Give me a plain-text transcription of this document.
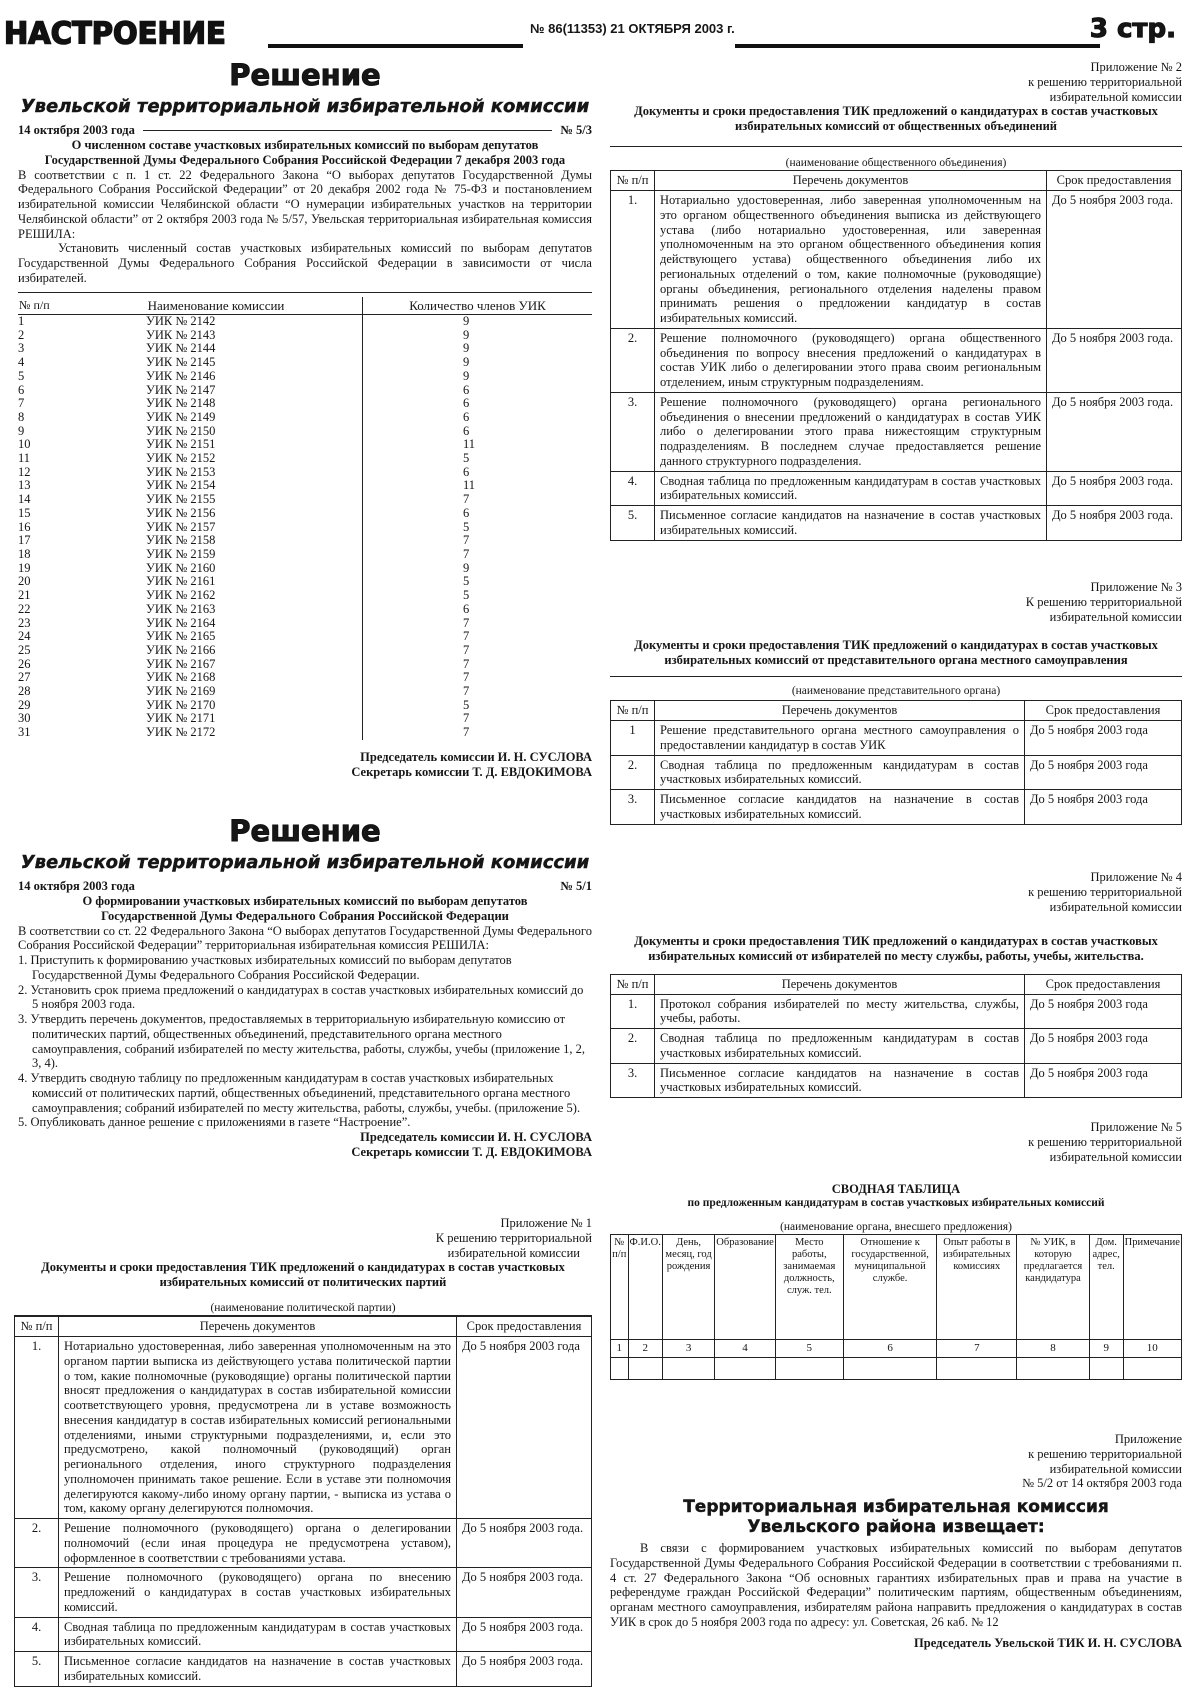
НАСТРОЕНИЕ	№ 86(11353) 21 ОКТЯБРЯ 2003 г.	3 стр.
Решение
Увельской территориальной избирательной комиссии
14 октября 2003 года	№ 5/3

О численном составе участковых избирательных комиссий по выборам депутатов Государственной Думы Федерального Собрания Российской Федерации 7 декабря 2003 года

В соответствии с п. 1 ст. 22 Федерального Закона “О выборах депутатов Государственной Думы Федерального Собрания Российской Федерации” от 20 декабря 2002 года № 75-ФЗ и постановлением избирательной комиссии Челябинской области “О нумерации избирательных участков на территории Челябинской области” от 2 октября 2003 года № 5/57, Увельская территориальная избирательная комиссия РЕШИЛА:

Установить численный состав участковых избирательных комиссий по выборам депутатов Государственной Думы Федерального Собрания Российской Федерации в зависимости от числа избирателей.

№ п/п	Наименование комиссии	Количество членов УИК
1	УИК № 2142	9
2	УИК № 2143	9
3	УИК № 2144	9
4	УИК № 2145	9
5	УИК № 2146	9
6	УИК № 2147	6
7	УИК № 2148	6
8	УИК № 2149	6
9	УИК № 2150	6
10	УИК № 2151	11
11	УИК № 2152	5
12	УИК № 2153	6
13	УИК № 2154	11
14	УИК № 2155	7
15	УИК № 2156	6
16	УИК № 2157	5
17	УИК № 2158	7
18	УИК № 2159	7
19	УИК № 2160	9
20	УИК № 2161	5
21	УИК № 2162	5
22	УИК № 2163	6
23	УИК № 2164	7
24	УИК № 2165	7
25	УИК № 2166	7
26	УИК № 2167	7
27	УИК № 2168	7
28	УИК № 2169	7
29	УИК № 2170	5
30	УИК № 2171	7
31	УИК № 2172	7
Председатель комиссии И. Н. СУСЛОВА
Секретарь комиссии Т. Д. ЕВДОКИМОВА
Решение
Увельской территориальной избирательной комиссии
14 октября 2003 года	№ 5/1

О формировании участковых избирательных комиссий по выборам депутатов Государственной Думы Федерального Собрания Российской Федерации

В соответствии со ст. 22 Федерального Закона “О выборах депутатов Государственной Думы Федерального Собрания Российской Федерации” территориальная избирательная комиссия РЕШИЛА:

1. Приступить к формированию участковых избирательных комиссий по выборам депутатов Государственной Думы Федерального Собрания Российской Федерации.

2. Установить срок приема предложений о кандидатурах в состав участковых избирательных комиссий до 5 ноября 2003 года.

3. Утвердить перечень документов, предоставляемых в территориальную избирательную комиссию от политических партий, общественных объединений, представительного органа местного самоуправления, собраний избирателей по месту жительства, работы, службы, учебы (приложение 1, 2, 3, 4).

4. Утвердить сводную таблицу по предложенным кандидатурам в состав участковых избирательных комиссий от политических партий, общественных объединений, представительного органа местного самоуправления; собраний избирателей по месту жительства, работы, службы, учебы. (приложение 5).

5. Опубликовать данное решение с приложениями в газете “Настроение”.

Председатель комиссии И. Н. СУСЛОВА
Секретарь комиссии Т. Д. ЕВДОКИМОВА
Приложение № 1
К решению территориальной
избирательной комиссии

Документы и сроки предоставления ТИК предложений о кандидатурах в состав участковых избирательных комиссий от политических партий

(наименование политической партии)
№ п/п	Перечень документов	Срок предоставления
1.	Нотариально удостоверенная, либо заверенная уполномоченным на это органом партии выписка из действующего устава политической партии о том, какие полномочные (руководящие) органы политической партии вносят предложения о кандидатурах в состав избирательной комиссии соответствующего уровня, предусмотрена ли в уставе возможность внесения кандидатур в состав избирательных комиссий региональными отделениями, иными структурными подразделениями, и, если это предусмотрено, какой полномочный (руководящий) орган регионального отделения, иного структурного подразделения уполномочен принимать такое решение. Если в уставе эти полномочия делегируются какому-либо иному органу партии, - выписка из устава о том, какому органу делегируются полномочия.	До 5 ноября 2003 года
2.	Решение полномочного (руководящего) органа о делегировании полномочий (если иная процедура не предусмотрена уставом), оформленное в соответствии с требованиями устава.	До 5 ноября 2003 года.
3.	Решение полномочного (руководящего) органа по внесению предложений о кандидатурах в состав участковых избирательных комиссий.	До 5 ноября 2003 года.
4.	Сводная таблица по предложенным кандидатурам в состав участковых избирательных комиссий.	До 5 ноября 2003 года.
5.	Письменное согласие кандидатов на назначение в состав участковых избирательных комиссий.	До 5 ноября 2003 года.
Приложение № 2
к решению территориальной
избирательной комиссии

Документы и сроки предоставления ТИК предложений о кандидатурах в состав участковых избирательных комиссий от общественных объединений

(наименование общественного объединения)
№ п/п	Перечень документов	Срок предоставления
1.	Нотариально удостоверенная, либо заверенная уполномоченным на это органом общественного объединения выписка из действующего устава (либо нотариально удостоверенная, или заверенная уполномоченным на это органом общественного объединения копия действующего устава) общественного объединения либо их региональных отделений о том, какие полномочные (руководящие) органы объединения, регионального отделения наделены правом принимать решения о предложении кандидатур в состав избирательных комиссий.	До 5 ноября 2003 года.
2.	Решение полномочного (руководящего) органа общественного объединения по вопросу внесения предложений о кандидатурах в состав УИК либо о делегировании этого права своим региональным отделением, иным структурным подразделениям.	До 5 ноября 2003 года.
3.	Решение полномочного (руководящего) органа регионального объединения о внесении предложений о кандидатурах в состав УИК либо о делегировании этого права нижестоящим структурным подразделениям. В последнем случае предоставляется решение данного структурного подразделения.	До 5 ноября 2003 года.
4.	Сводная таблица по предложенным кандидатурам в состав участковых избирательных комиссий.	До 5 ноября 2003 года.
5.	Письменное согласие кандидатов на назначение в состав участковых избирательных комиссий.	До 5 ноября 2003 года.
Приложение № 3
К решению территориальной
избирательной комиссии

Документы и сроки предоставления ТИК предложений о кандидатурах в состав участковых избирательных комиссий от представительного органа местного самоуправления

(наименование представительного органа)
№ п/п	Перечень документов	Срок предоставления
1	Решение представительного органа местного самоуправления о предоставлении кандидатур в состав УИК	До 5 ноября 2003 года
2.	Сводная таблица по предложенным кандидатурам в состав участковых избирательных комиссий.	До 5 ноября 2003 года
3.	Письменное согласие кандидатов на назначение в состав участковых избирательных комиссий.	До 5 ноября 2003 года
Приложение № 4
к решению территориальной
избирательной комиссии

Документы и сроки предоставления ТИК предложений о кандидатурах в состав участковых избирательных комиссий от избирателей по месту службы, работы, учебы, жительства.

№ п/п	Перечень документов	Срок предоставления
1.	Протокол собрания избирателей по месту жительства, службы, учебы, работы.	До 5 ноября 2003 года
2.	Сводная таблица по предложенным кандидатурам в состав участковых избирательных комиссий.	До 5 ноября 2003 года
3.	Письменное согласие кандидатов на назначение в состав участковых избирательных комиссий.	До 5 ноября 2003 года
Приложение № 5
к решению территориальной
избирательной комиссии
СВОДНАЯ ТАБЛИЦА
по предложенным кандидатурам в состав участковых избирательных комиссий
(наименование органа, внесшего предложения)
№ п/п	Ф.И.О.	День, месяц, год рождения	Образование	Место работы, занимаемая должность, служ. тел.	Отношение к государственной, муниципальной службе.	Опыт работы в избирательных комиссиях	№ УИК, в которую предлагается кандидатура	Дом. адрес, тел.	Примечание
1	2	3	4	5	6	7	8	9	10

Приложение
к решению территориальной
избирательной комиссии
№ 5/2 от 14 октября 2003 года
Территориальная избирательная комиссия
Увельского района извещает:

В связи с формированием участковых избирательных комиссий по выборам депутатов Государственной Думы Федерального Собрания Российской Федерации в соответствии с требованиями п. 4 ст. 27 Федерального Закона “Об основных гарантиях избирательных прав и права на участие в референдуме граждан Российской Федерации” политическим партиям, общественным объединениям, органам местного самоуправления, избирателям района направить предложения о кандидатурах в состав УИК в срок до 5 ноября 2003 года по адресу: ул. Советская, 26 каб. № 12

Председатель Увельской ТИК И. Н. СУСЛОВА
